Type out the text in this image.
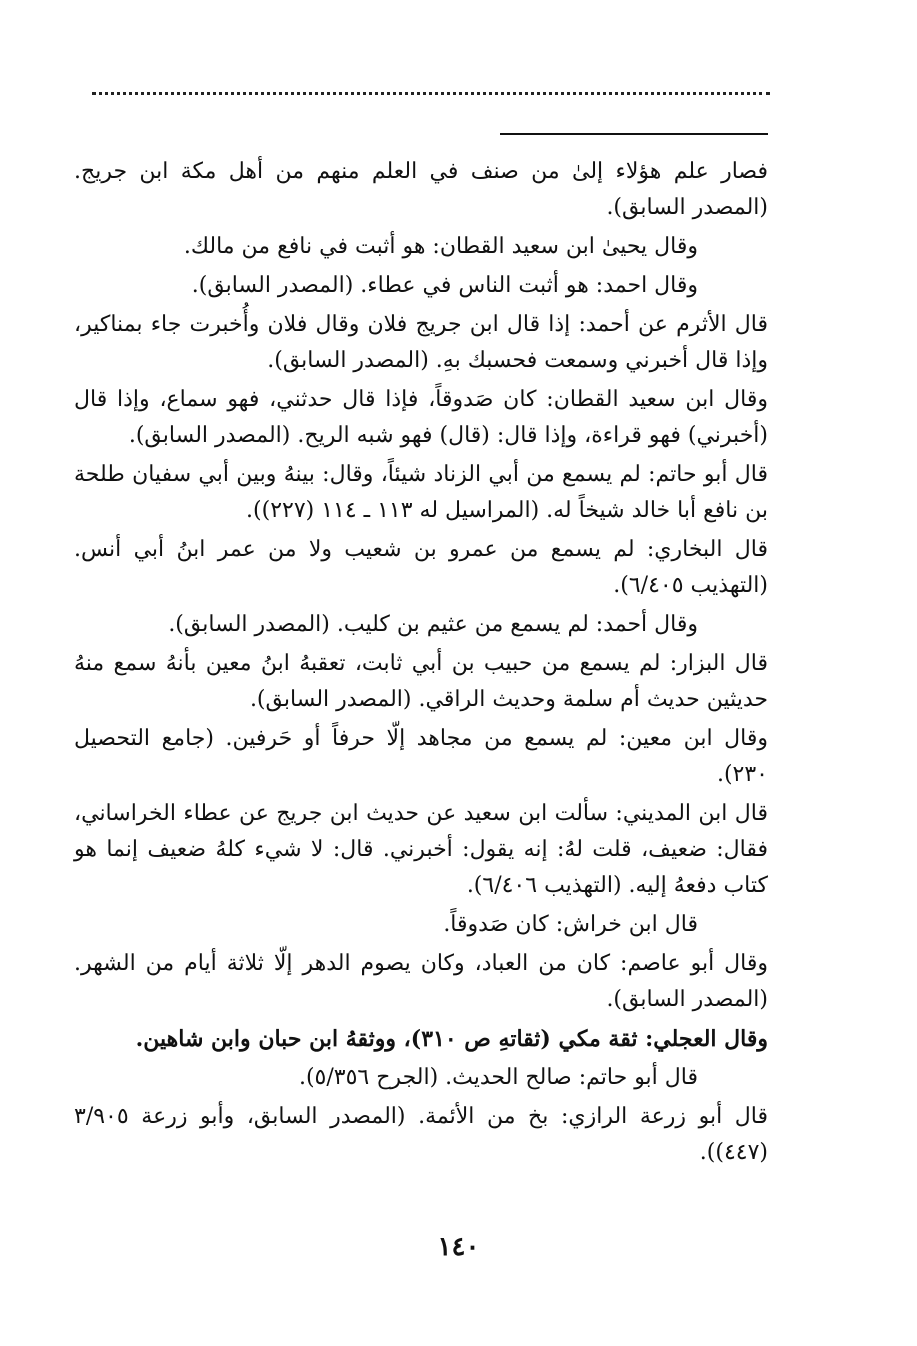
فصار علم هؤلاء إلىٰ من صنف في العلم منهم من أهل مكة ابن جريج. (المصدر السابق).

وقال يحيىٰ ابن سعيد القطان: هو أثبت في نافع من مالك.

وقال احمد: هو أثبت الناس في عطاء. (المصدر السابق).

قال الأثرم عن أحمد: إذا قال ابن جريج فلان وقال فلان وأُخبرت جاء بمناكير، وإذا قال أخبرني وسمعت فحسبك بهِ. (المصدر السابق).

وقال ابن سعيد القطان: كان صَدوقاً، فإذا قال حدثني، فهو سماع، وإذا قال (أخبرني) فهو قراءة، وإذا قال: (قال) فهو شبه الريح. (المصدر السابق).

قال أبو حاتم: لم يسمع من أبي الزناد شيئاً، وقال: بينهُ وبين أبي سفيان طلحة بن نافع أبا خالد شيخاً له. (المراسيل له ١١٣ ـ ١١٤ (٢٢٧)).

قال البخاري: لم يسمع من عمرو بن شعيب ولا من عمر ابنُ أبي أنس. (التهذيب ٦/٤٠٥).

وقال أحمد: لم يسمع من عثيم بن كليب. (المصدر السابق).

قال البزار: لم يسمع من حبيب بن أبي ثابت، تعقبهُ ابنُ معين بأنهُ سمع منهُ حديثين حديث أم سلمة وحديث الراقي. (المصدر السابق).

وقال ابن معين: لم يسمع من مجاهد إلّا حرفاً أو حَرفين. (جامع التحصيل ٢٣٠).

قال ابن المديني: سألت ابن سعيد عن حديث ابن جريج عن عطاء الخراساني، فقال: ضعيف، قلت لهُ: إنه يقول: أخبرني. قال: لا شيء كلهُ ضعيف إنما هو كتاب دفعهُ إليه. (التهذيب ٦/٤٠٦).

قال ابن خراش: كان صَدوقاً.

وقال أبو عاصم: كان من العباد، وكان يصوم الدهر إلّا ثلاثة أيام من الشهر. (المصدر السابق).

وقال العجلي: ثقة مكي (ثقاتهِ ص ٣١٠)، ووثقهُ ابن حبان وابن شاهين.

قال أبو حاتم: صالح الحديث. (الجرح ٥/٣٥٦).

قال أبو زرعة الرازي: بخ من الأئمة. (المصدر السابق، وأبو زرعة ٣/٩٠٥ (٤٤٧)).

١٤٠
